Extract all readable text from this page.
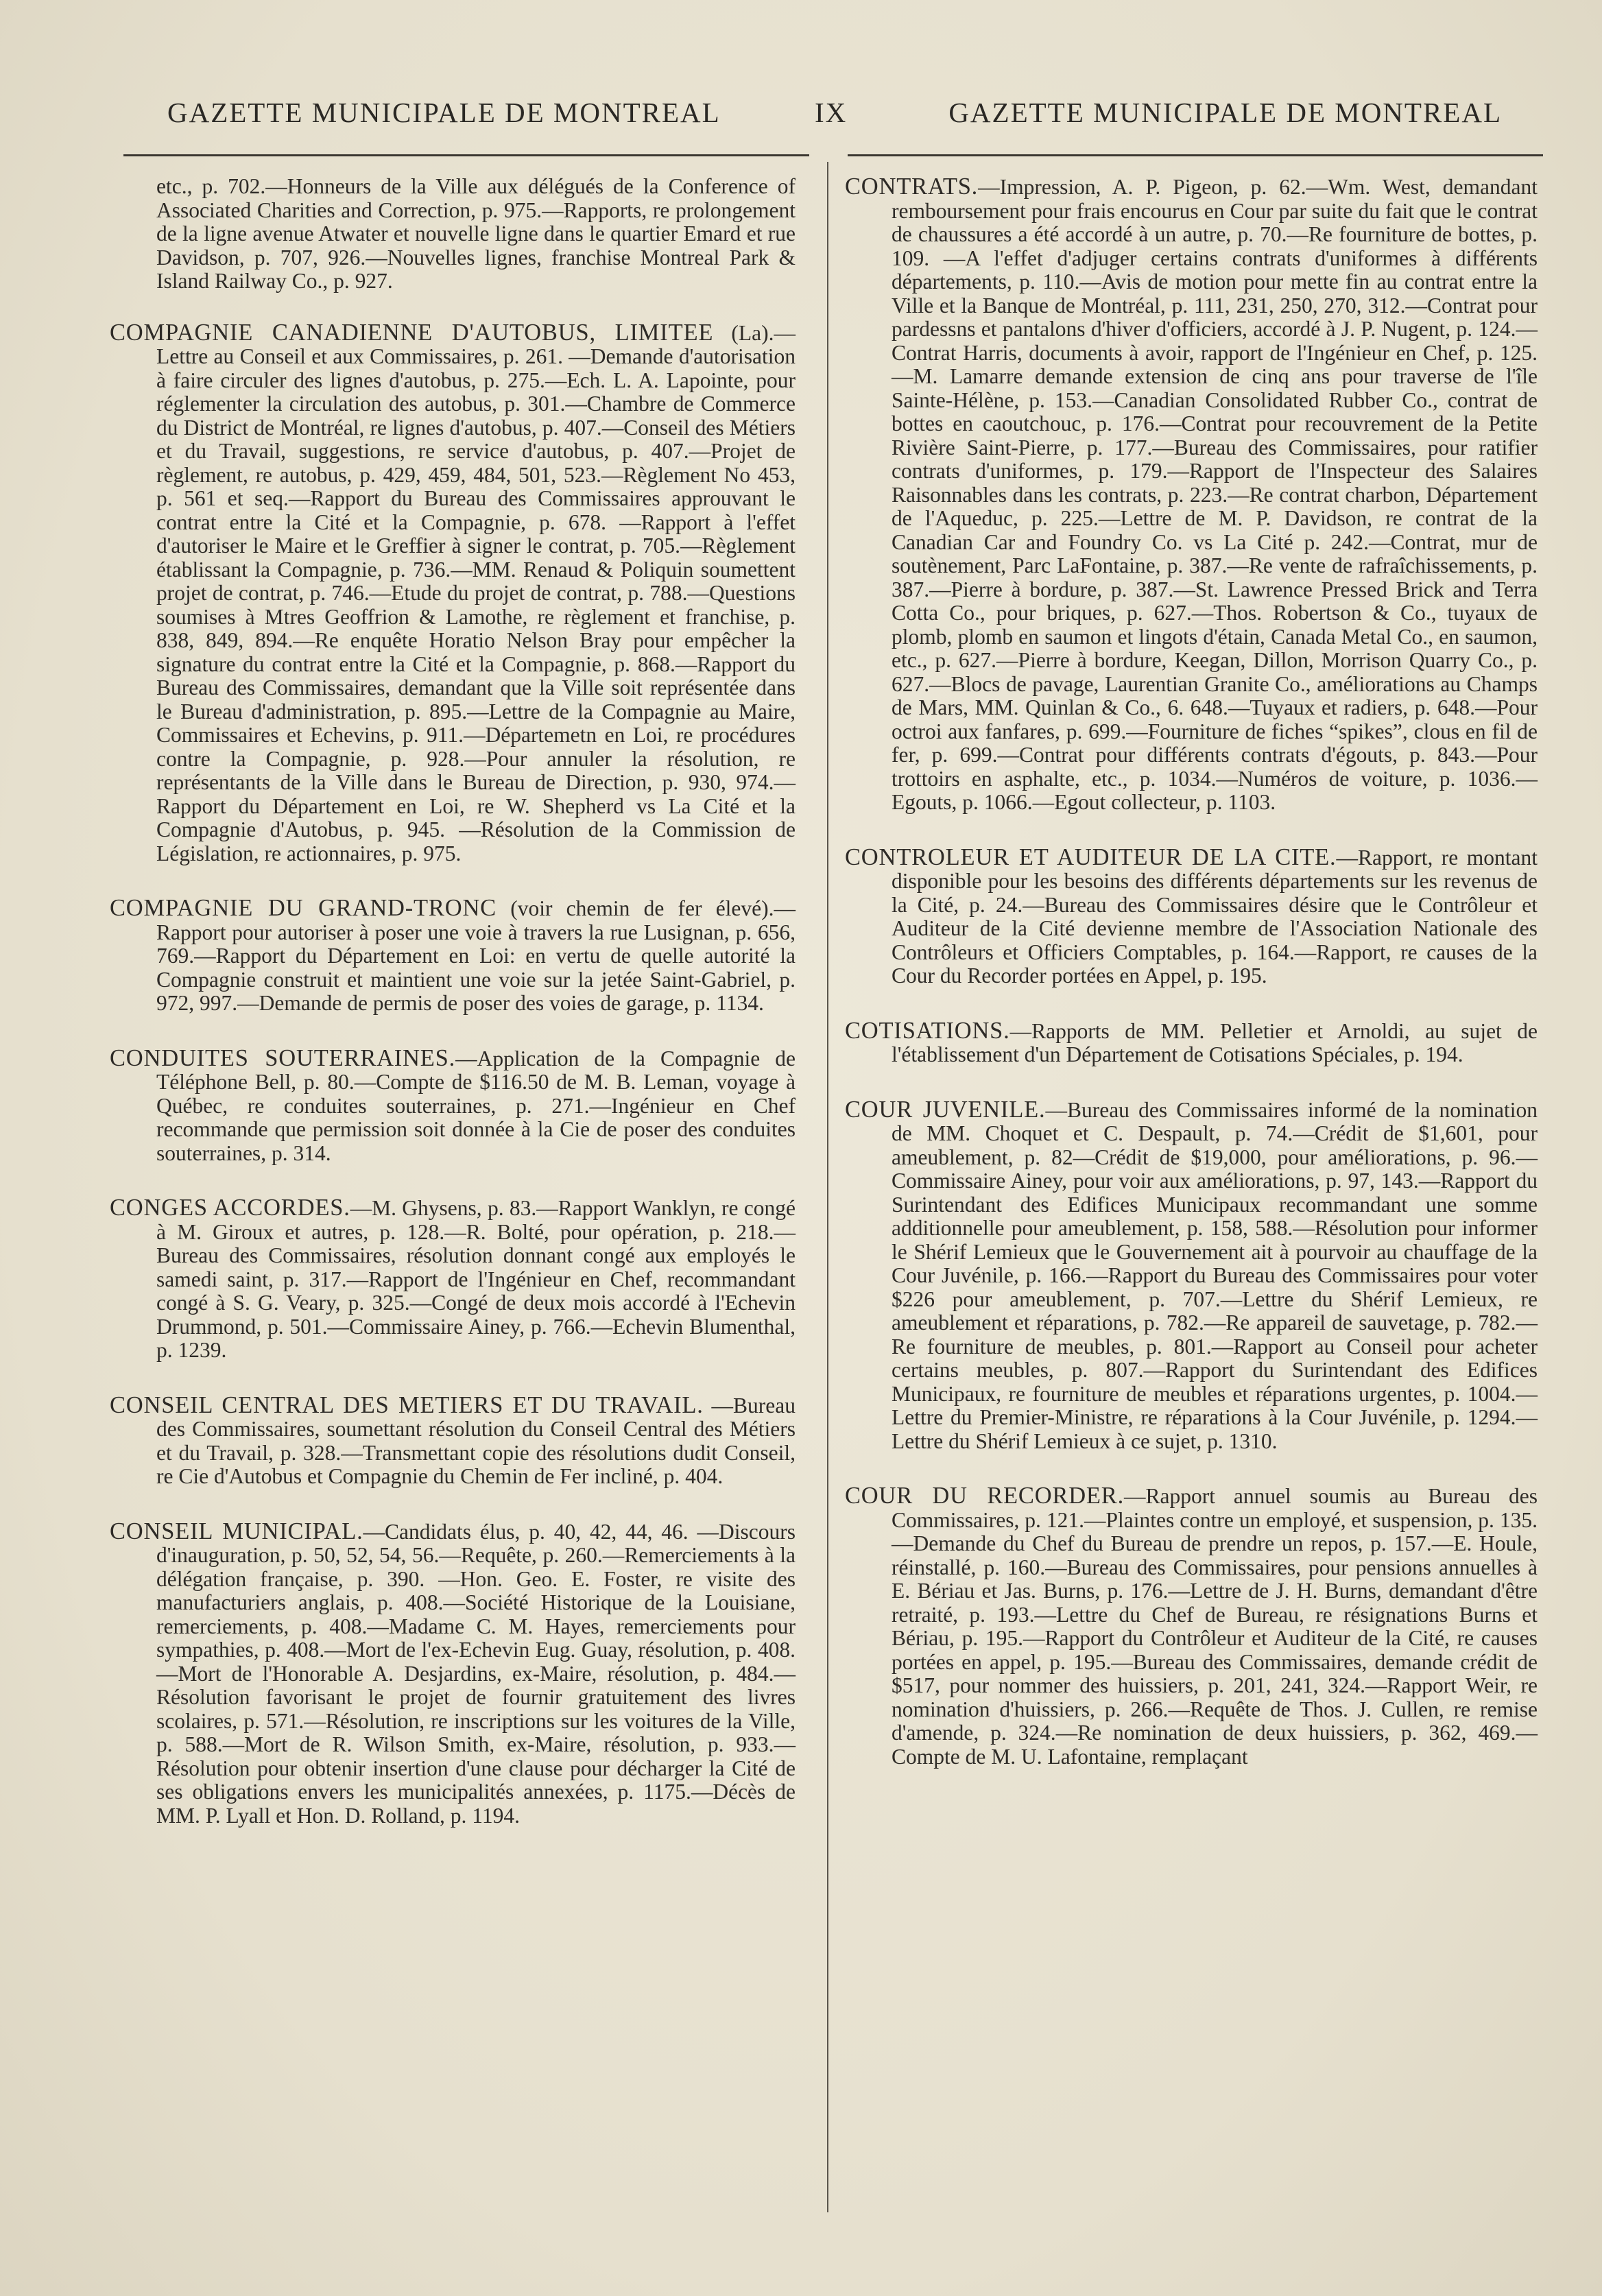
GAZETTE MUNICIPALE DE MONTREAL	IX	GAZETTE MUNICIPALE DE MONTREAL

etc., p. 702.—Honneurs de la Ville aux délégués de la Conference of Associated Charities and Correction, p. 975.—Rapports, re prolongement de la ligne avenue Atwater et nouvelle ligne dans le quartier Emard et rue Davidson, p. 707, 926.—Nouvelles lignes, franchise Montreal Park & Island Railway Co., p. 927.

COMPAGNIE CANADIENNE D'AUTOBUS, LIMITEE (La).—Lettre au Conseil et aux Commissaires, p. 261. —Demande d'autorisation à faire circuler des lignes d'autobus, p. 275.—Ech. L. A. Lapointe, pour réglementer la circulation des autobus, p. 301.—Chambre de Commerce du District de Montréal, re lignes d'autobus, p. 407.—Conseil des Métiers et du Travail, suggestions, re service d'autobus, p. 407.—Projet de règlement, re autobus, p. 429, 459, 484, 501, 523.—Règlement No 453, p. 561 et seq.—Rapport du Bureau des Commissaires approuvant le contrat entre la Cité et la Compagnie, p. 678. —Rapport à l'effet d'autoriser le Maire et le Greffier à signer le contrat, p. 705.—Règlement établissant la Compagnie, p. 736.—MM. Renaud & Poliquin soumettent projet de contrat, p. 746.—Etude du projet de contrat, p. 788.—Questions soumises à Mtres Geoffrion & Lamothe, re règlement et franchise, p. 838, 849, 894.—Re enquête Horatio Nelson Bray pour empêcher la signature du contrat entre la Cité et la Compagnie, p. 868.—Rapport du Bureau des Commissaires, demandant que la Ville soit représentée dans le Bureau d'administration, p. 895.—Lettre de la Compagnie au Maire, Commissaires et Echevins, p. 911.—Départemetn en Loi, re procédures contre la Compagnie, p. 928.—Pour annuler la résolution, re représentants de la Ville dans le Bureau de Direction, p. 930, 974.—Rapport du Département en Loi, re W. Shepherd vs La Cité et la Compagnie d'Autobus, p. 945. —Résolution de la Commission de Législation, re actionnaires, p. 975.

COMPAGNIE DU GRAND-TRONC (voir chemin de fer élevé).—Rapport pour autoriser à poser une voie à travers la rue Lusignan, p. 656, 769.—Rapport du Département en Loi: en vertu de quelle autorité la Compagnie construit et maintient une voie sur la jetée Saint-Gabriel, p. 972, 997.—Demande de permis de poser des voies de garage, p. 1134.

CONDUITES SOUTERRAINES.—Application de la Compagnie de Téléphone Bell, p. 80.—Compte de $116.50 de M. B. Leman, voyage à Québec, re conduites souterraines, p. 271.—Ingénieur en Chef recommande que permission soit donnée à la Cie de poser des conduites souterraines, p. 314.

CONGES ACCORDES.—M. Ghysens, p. 83.—Rapport Wanklyn, re congé à M. Giroux et autres, p. 128.—R. Bolté, pour opération, p. 218.—Bureau des Commissaires, résolution donnant congé aux employés le samedi saint, p. 317.—Rapport de l'Ingénieur en Chef, recommandant congé à S. G. Veary, p. 325.—Congé de deux mois accordé à l'Echevin Drummond, p. 501.—Commissaire Ainey, p. 766.—Echevin Blumenthal, p. 1239.

CONSEIL CENTRAL DES METIERS ET DU TRAVAIL. —Bureau des Commissaires, soumettant résolution du Conseil Central des Métiers et du Travail, p. 328.—Transmettant copie des résolutions dudit Conseil, re Cie d'Autobus et Compagnie du Chemin de Fer incliné, p. 404.

CONSEIL MUNICIPAL.—Candidats élus, p. 40, 42, 44, 46. —Discours d'inauguration, p. 50, 52, 54, 56.—Requête, p. 260.—Remerciements à la délégation française, p. 390. —Hon. Geo. E. Foster, re visite des manufacturiers anglais, p. 408.—Société Historique de la Louisiane, remerciements, p. 408.—Madame C. M. Hayes, remerciements pour sympathies, p. 408.—Mort de l'ex-Echevin Eug. Guay, résolution, p. 408.—Mort de l'Honorable A. Desjardins, ex-Maire, résolution, p. 484.—Résolution favorisant le projet de fournir gratuitement des livres scolaires, p. 571.—Résolution, re inscriptions sur les voitures de la Ville, p. 588.—Mort de R. Wilson Smith, ex-Maire, résolution, p. 933.—Résolution pour obtenir insertion d'une clause pour décharger la Cité de ses obligations envers les municipalités annexées, p. 1175.—Décès de MM. P. Lyall et Hon. D. Rolland, p. 1194.

CONTRATS.—Impression, A. P. Pigeon, p. 62.—Wm. West, demandant remboursement pour frais encourus en Cour par suite du fait que le contrat de chaussures a été accordé à un autre, p. 70.—Re fourniture de bottes, p. 109. —A l'effet d'adjuger certains contrats d'uniformes à différents départements, p. 110.—Avis de motion pour mette fin au contrat entre la Ville et la Banque de Montréal, p. 111, 231, 250, 270, 312.—Contrat pour pardessns et pantalons d'hiver d'officiers, accordé à J. P. Nugent, p. 124.—Contrat Harris, documents à avoir, rapport de l'Ingénieur en Chef, p. 125.—M. Lamarre demande extension de cinq ans pour traverse de l'île Sainte-Hélène, p. 153.—Canadian Consolidated Rubber Co., contrat de bottes en caoutchouc, p. 176.—Contrat pour recouvrement de la Petite Rivière Saint-Pierre, p. 177.—Bureau des Commissaires, pour ratifier contrats d'uniformes, p. 179.—Rapport de l'Inspecteur des Salaires Raisonnables dans les contrats, p. 223.—Re contrat charbon, Département de l'Aqueduc, p. 225.—Lettre de M. P. Davidson, re contrat de la Canadian Car and Foundry Co. vs La Cité p. 242.—Contrat, mur de soutènement, Parc LaFontaine, p. 387.—Re vente de rafraîchissements, p. 387.—Pierre à bordure, p. 387.—St. Lawrence Pressed Brick and Terra Cotta Co., pour briques, p. 627.—Thos. Robertson & Co., tuyaux de plomb, plomb en saumon et lingots d'étain, Canada Metal Co., en saumon, etc., p. 627.—Pierre à bordure, Keegan, Dillon, Morrison Quarry Co., p. 627.—Blocs de pavage, Laurentian Granite Co., améliorations au Champs de Mars, MM. Quinlan & Co., 6. 648.—Tuyaux et radiers, p. 648.—Pour octroi aux fanfares, p. 699.—Fourniture de fiches “spikes”, clous en fil de fer, p. 699.—Contrat pour différents contrats d'égouts, p. 843.—Pour trottoirs en asphalte, etc., p. 1034.—Numéros de voiture, p. 1036.—Egouts, p. 1066.—Egout collecteur, p. 1103.

CONTROLEUR ET AUDITEUR DE LA CITE.—Rapport, re montant disponible pour les besoins des différents départements sur les revenus de la Cité, p. 24.—Bureau des Commissaires désire que le Contrôleur et Auditeur de la Cité devienne membre de l'Association Nationale des Contrôleurs et Officiers Comptables, p. 164.—Rapport, re causes de la Cour du Recorder portées en Appel, p. 195.

COTISATIONS.—Rapports de MM. Pelletier et Arnoldi, au sujet de l'établissement d'un Département de Cotisations Spéciales, p. 194.

COUR JUVENILE.—Bureau des Commissaires informé de la nomination de MM. Choquet et C. Despault, p. 74.—Crédit de $1,601, pour ameublement, p. 82—Crédit de $19,000, pour améliorations, p. 96.—Commissaire Ainey, pour voir aux améliorations, p. 97, 143.—Rapport du Surintendant des Edifices Municipaux recommandant une somme additionnelle pour ameublement, p. 158, 588.—Résolution pour informer le Shérif Lemieux que le Gouvernement ait à pourvoir au chauffage de la Cour Juvénile, p. 166.—Rapport du Bureau des Commissaires pour voter $226 pour ameublement, p. 707.—Lettre du Shérif Lemieux, re ameublement et réparations, p. 782.—Re appareil de sauvetage, p. 782.—Re fourniture de meubles, p. 801.—Rapport au Conseil pour acheter certains meubles, p. 807.—Rapport du Surintendant des Edifices Municipaux, re fourniture de meubles et réparations urgentes, p. 1004.—Lettre du Premier-Ministre, re réparations à la Cour Juvénile, p. 1294.—Lettre du Shérif Lemieux à ce sujet, p. 1310.

COUR DU RECORDER.—Rapport annuel soumis au Bureau des Commissaires, p. 121.—Plaintes contre un employé, et suspension, p. 135.—Demande du Chef du Bureau de prendre un repos, p. 157.—E. Houle, réinstallé, p. 160.—Bureau des Commissaires, pour pensions annuelles à E. Bériau et Jas. Burns, p. 176.—Lettre de J. H. Burns, demandant d'être retraité, p. 193.—Lettre du Chef de Bureau, re résignations Burns et Bériau, p. 195.—Rapport du Contrôleur et Auditeur de la Cité, re causes portées en appel, p. 195.—Bureau des Commissaires, demande crédit de $517, pour nommer des huissiers, p. 201, 241, 324.—Rapport Weir, re nomination d'huissiers, p. 266.—Requête de Thos. J. Cullen, re remise d'amende, p. 324.—Re nomination de deux huissiers, p. 362, 469.—Compte de M. U. Lafontaine, remplaçant
